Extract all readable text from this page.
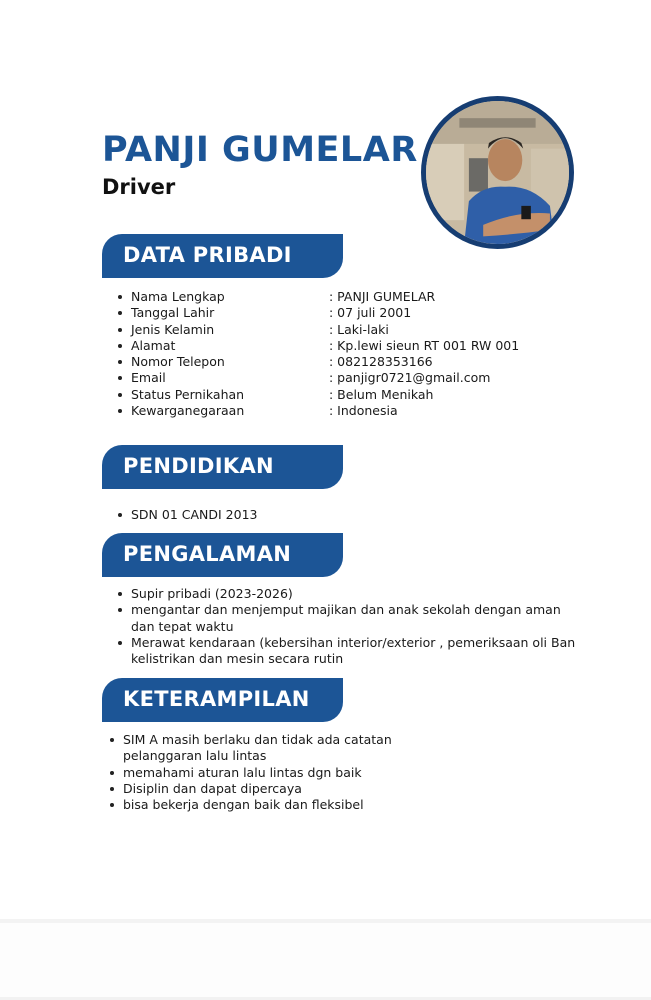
PANJI GUMELAR
Driver
DATA PRIBADI
Nama Lengkap
Tanggal Lahir
Jenis Kelamin
Alamat
Nomor Telepon
Email
Status Pernikahan
Kewarganegaraan
: PANJI GUMELAR
: 07 juli 2001
: Laki-laki
: Kp.lewi sieun RT 001 RW 001
: 082128353166
: panjigr0721@gmail.com
: Belum Menikah
: Indonesia
PENDIDIKAN
SDN 01 CANDI 2013
PENGALAMAN
Supir pribadi (2023-2026)
mengantar dan menjemput majikan dan anak sekolah dengan aman
dan tepat waktu
Merawat kendaraan (kebersihan interior/exterior , pemeriksaan oli Ban
kelistrikan dan mesin secara rutin
KETERAMPILAN
SIM A masih berlaku dan tidak ada catatan
pelanggaran lalu lintas
memahami aturan lalu lintas dgn baik
Disiplin dan dapat dipercaya
bisa bekerja dengan baik dan fleksibel
